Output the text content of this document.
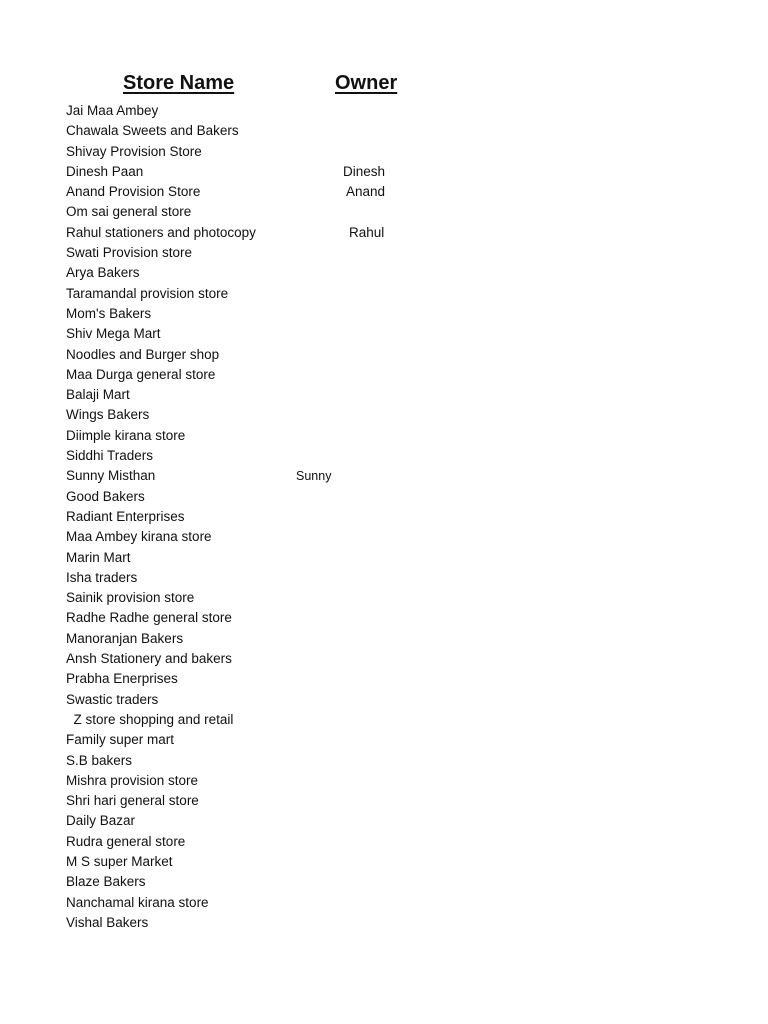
Store Name	Owner
Jai Maa Ambey
Chawala Sweets and Bakers
Shivay Provision Store
Dinesh Paan	Dinesh
Anand Provision Store	Anand
Om sai general store
Rahul stationers and photocopy	Rahul
Swati Provision store
Arya Bakers
Taramandal provision store
Mom's Bakers
Shiv Mega Mart
Noodles and Burger shop
Maa Durga general store
Balaji Mart
Wings Bakers
Diimple kirana store
Siddhi Traders
Sunny Misthan	Sunny
Good Bakers
Radiant Enterprises
Maa Ambey kirana store
Marin Mart
Isha traders
Sainik provision store
Radhe Radhe general store
Manoranjan Bakers
Ansh Stationery and bakers
Prabha Enerprises
Swastic traders
Z store shopping and retail
Family super mart
S.B bakers
Mishra provision store
Shri hari general store
Daily Bazar
Rudra general store
M S super Market
Blaze Bakers
Nanchamal kirana store
Vishal Bakers
